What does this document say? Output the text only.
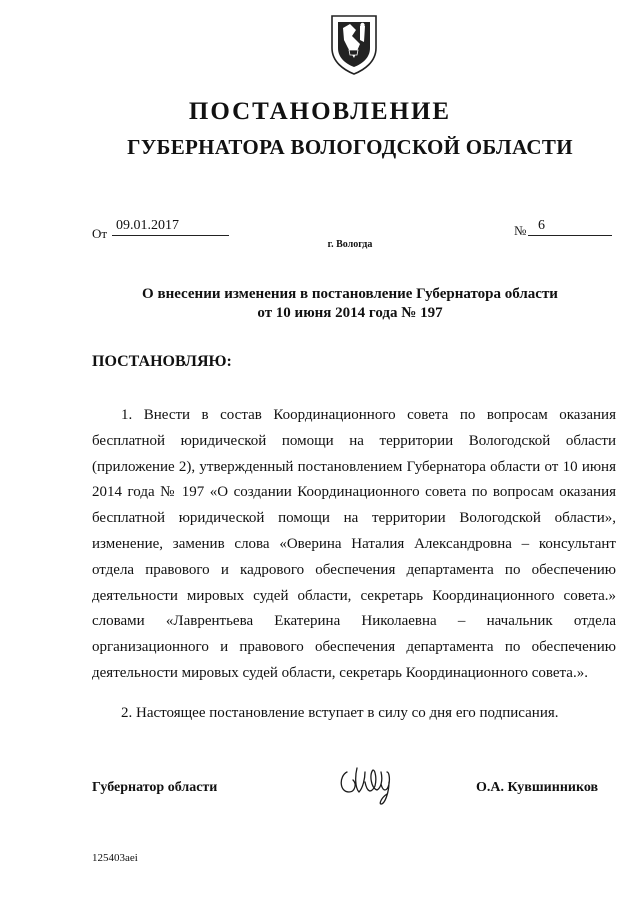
ПОСТАНОВЛЕНИЕ
ГУБЕРНАТОРА ВОЛОГОДСКОЙ ОБЛАСТИ
От
09.01.2017	№ 6
г. Вологда
О внесении изменения в постановление Губернатора области
от 10 июня 2014 года № 197
ПОСТАНОВЛЯЮ:
1. Внести в состав Координационного совета по вопросам оказания бесплатной юридической помощи на территории Вологодской области (приложение 2), утвержденный постановлением Губернатора области от 10 июня 2014 года № 197 «О создании Координационного совета по вопросам оказания бесплатной юридической помощи на территории Вологодской области», изменение, заменив слова «Оверина Наталия Александровна – консультант отдела правового и кадрового обеспечения департамента по обеспечению деятельности мировых судей области, секретарь Координационного совета.» словами «Лаврентьева Екатерина Николаевна – начальник отдела организационного и правового обеспечения департамента по обеспечению деятельности мировых судей области, секретарь Координационного совета.».
2. Настоящее постановление вступает в силу со дня его подписания.
Губернатор области	О.А. Кувшинников
125403aei
